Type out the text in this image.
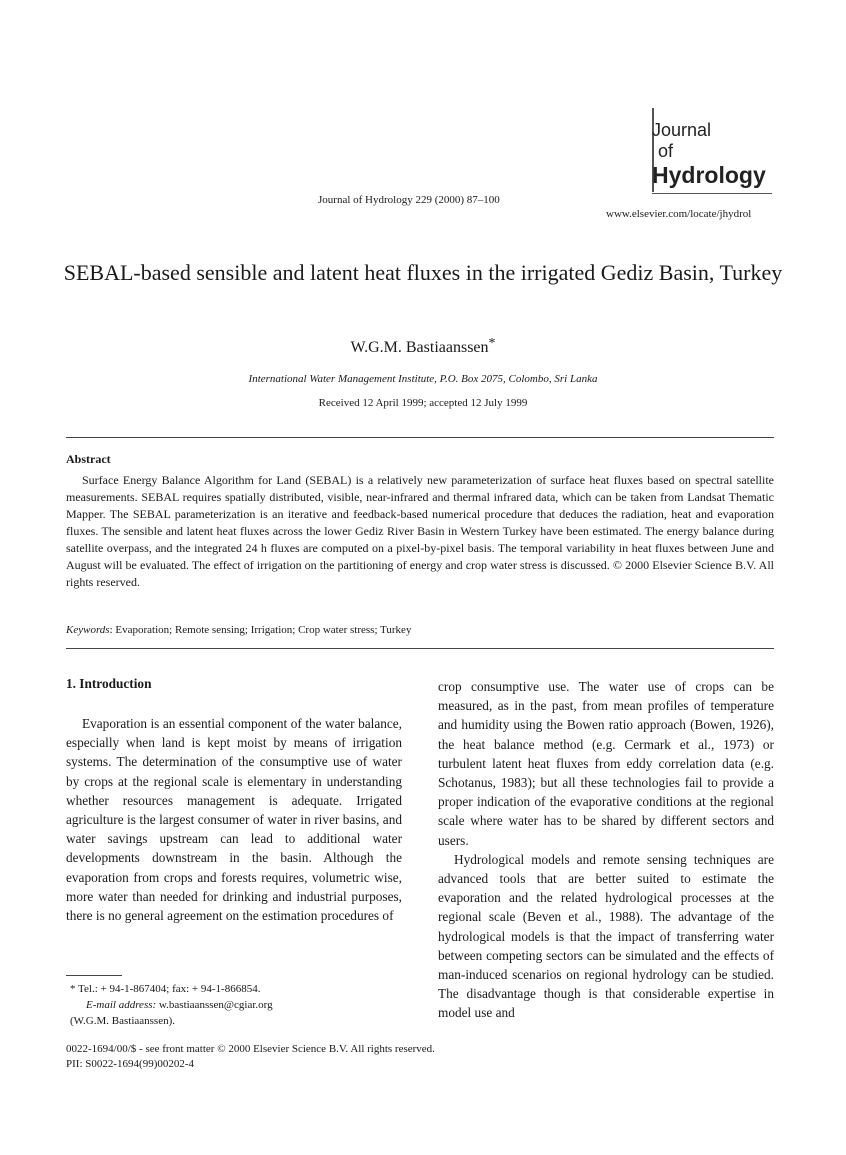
Journal
of
Hydrology
Journal of Hydrology 229 (2000) 87–100
www.elsevier.com/locate/jhydrol
SEBAL-based sensible and latent heat fluxes in the irrigated Gediz Basin, Turkey
W.G.M. Bastiaanssen*
International Water Management Institute, P.O. Box 2075, Colombo, Sri Lanka
Received 12 April 1999; accepted 12 July 1999
Abstract
Surface Energy Balance Algorithm for Land (SEBAL) is a relatively new parameterization of surface heat fluxes based on spectral satellite measurements. SEBAL requires spatially distributed, visible, near-infrared and thermal infrared data, which can be taken from Landsat Thematic Mapper. The SEBAL parameterization is an iterative and feedback-based numerical procedure that deduces the radiation, heat and evaporation fluxes. The sensible and latent heat fluxes across the lower Gediz River Basin in Western Turkey have been estimated. The energy balance during satellite overpass, and the integrated 24 h fluxes are computed on a pixel-by-pixel basis. The temporal variability in heat fluxes between June and August will be evaluated. The effect of irrigation on the partitioning of energy and crop water stress is discussed. © 2000 Elsevier Science B.V. All rights reserved.
Keywords: Evaporation; Remote sensing; Irrigation; Crop water stress; Turkey
1. Introduction

Evaporation is an essential component of the water balance, especially when land is kept moist by means of irrigation systems. The determination of the consumptive use of water by crops at the regional scale is elementary in understanding whether resources management is adequate. Irrigated agriculture is the largest consumer of water in river basins, and water savings upstream can lead to additional water developments downstream in the basin. Although the evaporation from crops and forests requires, volumetric wise, more water than needed for drinking and industrial purposes, there is no general agreement on the estimation procedures of

crop consumptive use. The water use of crops can be measured, as in the past, from mean profiles of temperature and humidity using the Bowen ratio approach (Bowen, 1926), the heat balance method (e.g. Cermark et al., 1973) or turbulent latent heat fluxes from eddy correlation data (e.g. Schotanus, 1983); but all these technologies fail to provide a proper indication of the evaporative conditions at the regional scale where water has to be shared by different sectors and users.

Hydrological models and remote sensing techniques are advanced tools that are better suited to estimate the evaporation and the related hydrological processes at the regional scale (Beven et al., 1988). The advantage of the hydrological models is that the impact of transferring water between competing sectors can be simulated and the effects of man-induced scenarios on regional hydrology can be studied. The disadvantage though is that considerable expertise in model use and

* Tel.: + 94-1-867404; fax: + 94-1-866854.
E-mail address: w.bastiaanssen@cgiar.org
(W.G.M. Bastiaanssen).
0022-1694/00/$ - see front matter © 2000 Elsevier Science B.V. All rights reserved.
PII: S0022-1694(99)00202-4
